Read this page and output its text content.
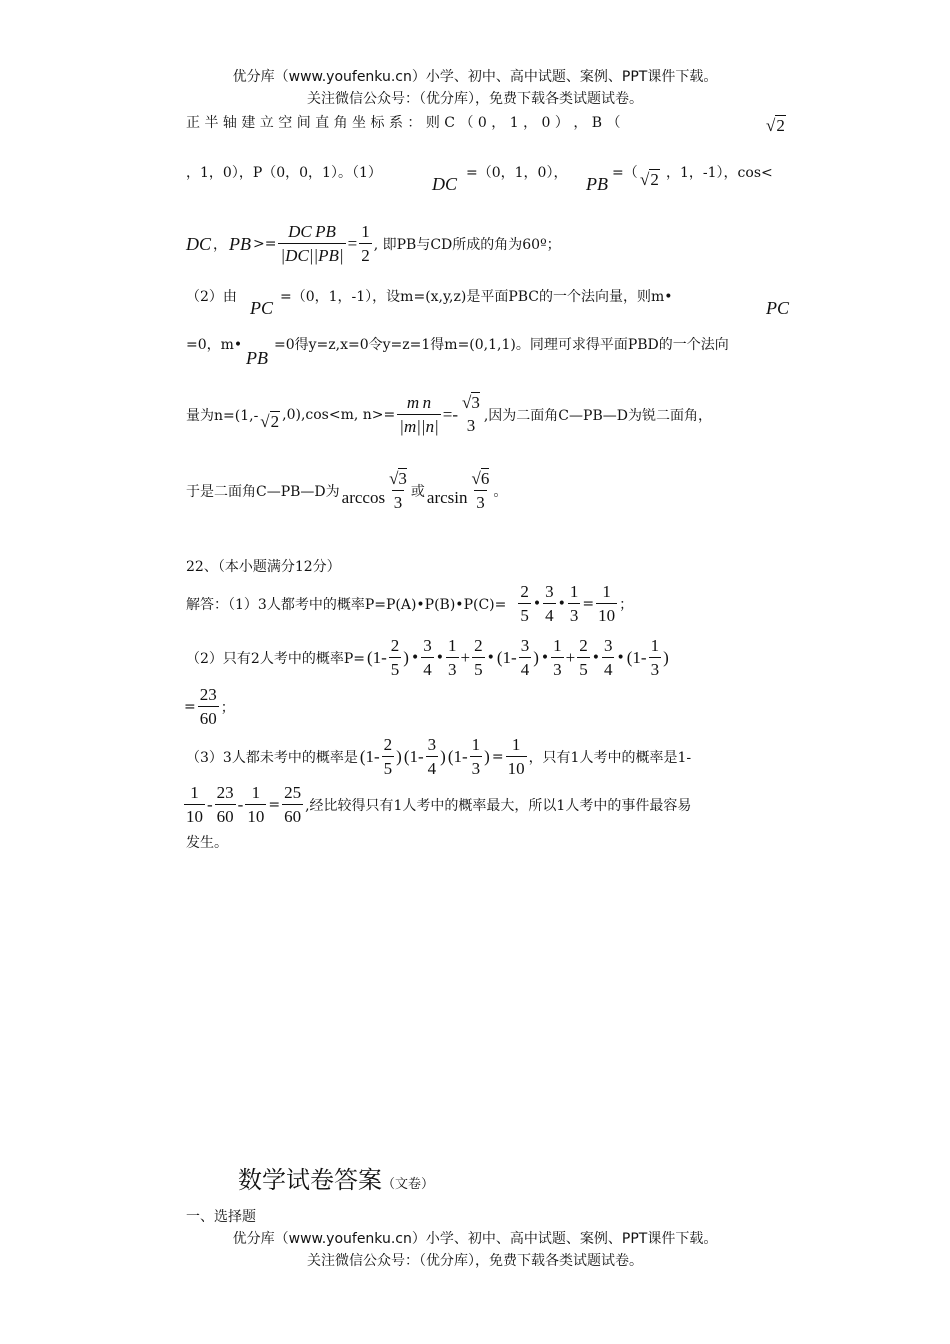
优分库（www.youfenku.cn）小学、初中、高中试题、案例、PPT课件下载。
关注微信公众号：（优分库），免费下载各类试题试卷。
正 半 轴 建 立 空 间 直 角 坐 标 系 ： 则 C （ 0 ， 1 ， 0 ） ， B （	√2
，1，0），P（0，0，1）。（1）
DC
=（0，1，0），
PB
=（ √2 ，1，-1），cos<
DC ， PB >= $\frac{\text{DC PB}}{|DC||PB|} = \frac{1}{2}$ , 即PB与CD所成的角为60º；
（2）由
PC
=（0，1，-1），设m=(x,y,z)是平面PBC的一个法向量，则m•
PC
=0，m•
PB
=0得y=z,x=0令y=z=1得m=(0,1,1)。同理可求得平面PBD的一个法向
量为n=(1,- √2 ,0),cos<m, $n>= \frac{\text{m n}}{|m||n|}$ =-
√3
3 ,因为二面角C—PB—D为锐二面角，
于是二面角C—PB—D为 $\arccos \frac{√3}{3}$ 或 $\arcsin \frac{√6}{3}$ 。
22、（本小题满分12分）
解答：（1）3人都考中的概率P=P(A)•P(B)•P(C)= $\frac{2}{5}$ • $\frac{3}{4}$ • $\frac{1}{3} = \frac{1}{10}$ ；
（2）只有2人考中的概率$P= (1- \frac{2}{5}$ ) • $\frac{3}{4}$ • $\frac{1}{3} + \frac{2}{5}$ • ($1- \frac{3}{4}$ ) • $\frac{1}{3} + \frac{2}{5}$ • $\frac{3}{4}$ • ($1- \frac{1}{3}$ )
= $\frac{23}{60}$ ；
（3）3人都未考中的概率是 ($1- \frac{2}{5}$ ) ($1- \frac{3}{4}$ ) ($1- \frac{1}{3}$ ) = $\frac{1}{10}$ ，只有1人考中的概率是1-
$\frac{1}{10} - \frac{23}{60} - \frac{1}{10} = \frac{25}{60}$ ,经比较得只有1人考中的概率最大，所以1人考中的事件最容易
发生。
数学试卷答案（文卷）
一、选择题
优分库（www.youfenku.cn）小学、初中、高中试题、案例、PPT课件下载。
关注微信公众号：（优分库），免费下载各类试题试卷。
